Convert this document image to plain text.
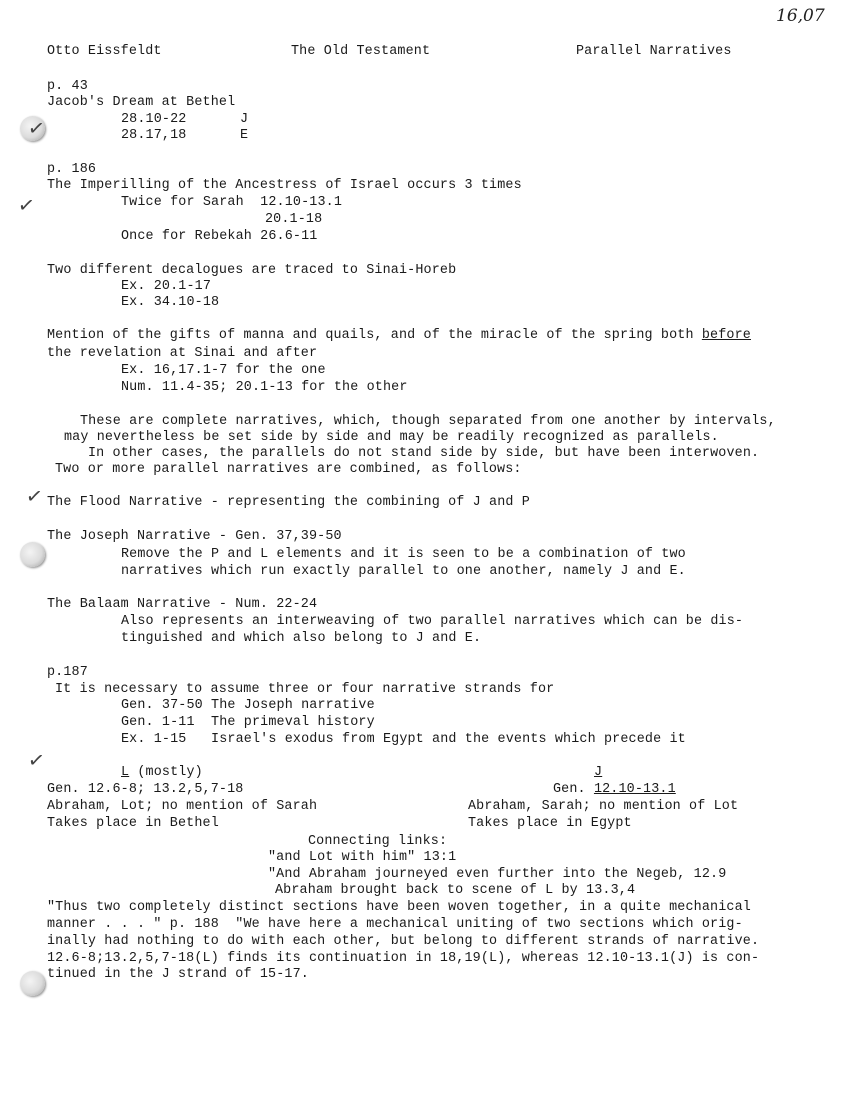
16,07
✓
✓
✓
✓
Otto Eissfeldt	The Old Testament	Parallel Narratives
p. 43
Jacob's Dream at Bethel
28.10-22	J
28.17,18	E
p. 186
The Imperilling of the Ancestress of Israel occurs 3 times
Twice for Sarah  12.10-13.1
20.1-18
Once for Rebekah 26.6-11
Two different decalogues are traced to Sinai-Horeb
Ex. 20.1-17
Ex. 34.10-18
Mention of the gifts of manna and quails, and of the miracle of the spring both before
the revelation at Sinai and after
Ex. 16,17.1-7 for the one
Num. 11.4-35; 20.1-13 for the other
These are complete narratives, which, though separated from one another by intervals,
may nevertheless be set side by side and may be readily recognized as parallels.
In other cases, the parallels do not stand side by side, but have been interwoven.
Two or more parallel narratives are combined, as follows:
The Flood Narrative - representing the combining of J and P
The Joseph Narrative - Gen. 37,39-50
Remove the P and L elements and it is seen to be a combination of two
narratives which run exactly parallel to one another, namely J and E.
The Balaam Narrative - Num. 22-24
Also represents an interweaving of two parallel narratives which can be dis-
tinguished and which also belong to J and E.
p.187
It is necessary to assume three or four narrative strands for
Gen. 37-50 The Joseph narrative
Gen. 1-11  The primeval history
Ex. 1-15   Israel's exodus from Egypt and the events which precede it
L (mostly)	J
Gen. 12.6-8; 13.2,5,7-18	Gen. 12.10-13.1
Abraham, Lot; no mention of Sarah	Abraham, Sarah; no mention of Lot
Takes place in Bethel	Takes place in Egypt
Connecting links:
"and Lot with him" 13:1
"And Abraham journeyed even further into the Negeb, 12.9
Abraham brought back to scene of L by 13.3,4
"Thus two completely distinct sections have been woven together, in a quite mechanical
manner . . . " p. 188  "We have here a mechanical uniting of two sections which orig-
inally had nothing to do with each other, but belong to different strands of narrative.
12.6-8;13.2,5,7-18(L) finds its continuation in 18,19(L), whereas 12.10-13.1(J) is con-
tinued in the J strand of 15-17.
